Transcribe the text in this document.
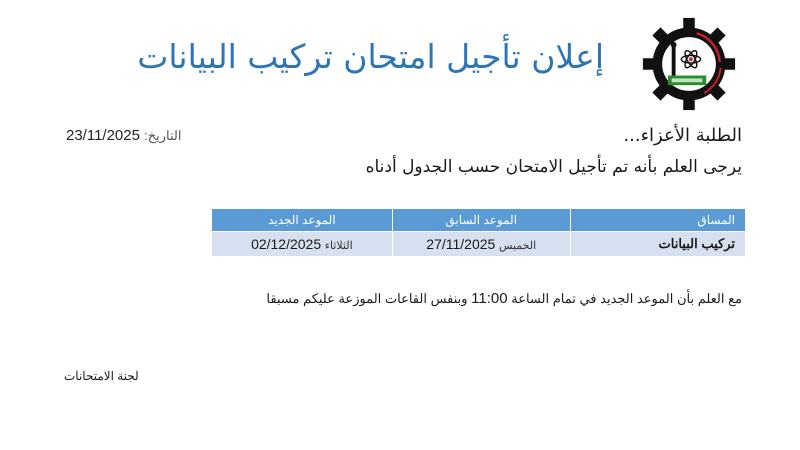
إعلان تأجيل امتحان تركيب البيانات
التاريخ: 23/11/2025	الطلبة الأعزاء...
يرجى العلم بأنه تم تأجيل الامتحان حسب الجدول أدناه
المساق	الموعد السابق	الموعد الجديد
تركيب البيانات	الخميس 27/11/2025	الثلاثاء 02/12/2025
مع العلم بأن الموعد الجديد في تمام الساعة 11:00 وبنفس القاعات الموزعة عليكم مسبقا
لجنة الامتحانات
